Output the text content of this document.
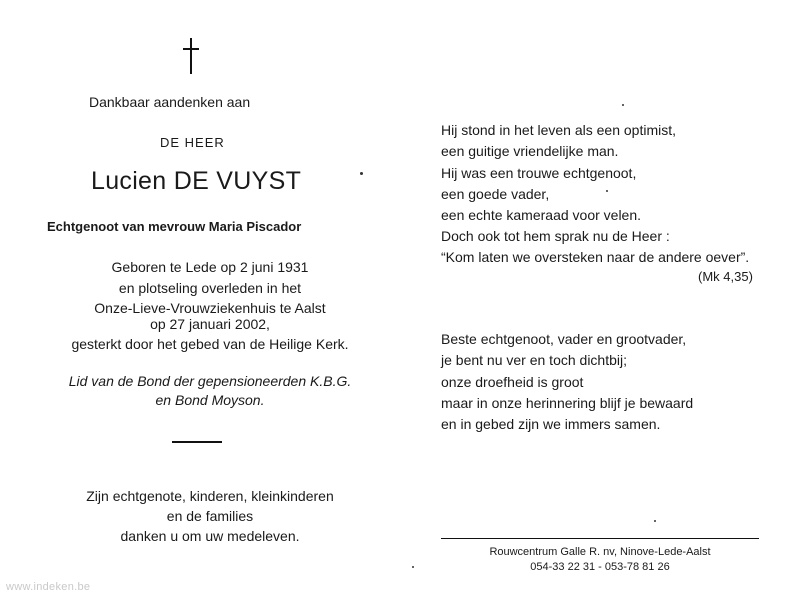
Dankbaar aandenken aan
DE HEER
Lucien DE VUYST
Echtgenoot van mevrouw Maria Piscador
Geboren te Lede op 2 juni 1931
en plotseling overleden in het
Onze-Lieve-Vrouwziekenhuis te Aalst
op 27 januari 2002,
gesterkt door het gebed van de Heilige Kerk.
Lid van de Bond der gepensioneerden K.B.G.
en Bond Moyson.
Zijn echtgenote, kinderen, kleinkinderen
en de families
danken u om uw medeleven.
Hij stond in het leven als een optimist,
een guitige vriendelijke man.
Hij was een trouwe echtgenoot,
een goede vader,
een echte kameraad voor velen.
Doch ook tot hem sprak nu de Heer :
“Kom laten we oversteken naar de andere oever”.
(Mk 4,35)
Beste echtgenoot, vader en grootvader,
je bent nu ver en toch dichtbij;
onze droefheid is groot
maar in onze herinnering blijf je bewaard
en in gebed zijn we immers samen.
Rouwcentrum Galle R. nv, Ninove-Lede-Aalst
054-33 22 31 - 053-78 81 26
www.indeken.be
